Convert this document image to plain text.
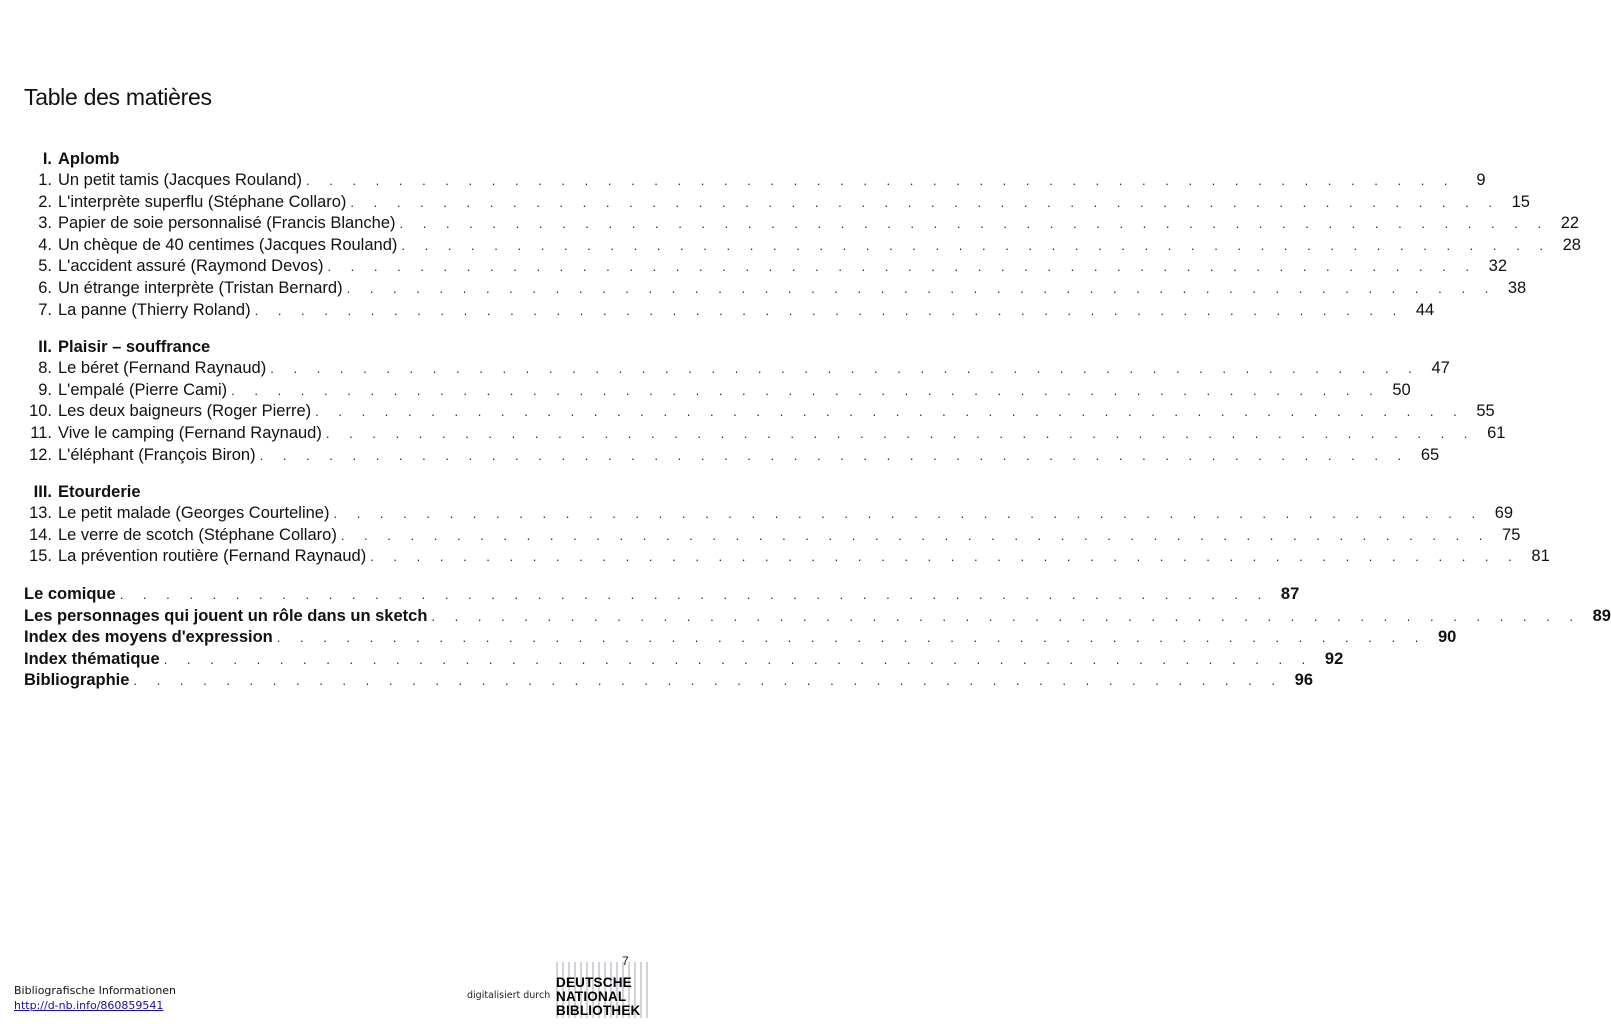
Table des matières
I. Aplomb
1. Un petit tamis (Jacques Rouland) . . . . . . . . . . . . . . . . . . . . . . . . . . . . . . . . . . . . . . . . . . . . . . . . . .	9
2. L'interprète superflu (Stéphane Collaro) . . . . . . . . . . . . . . . . . . . . . . . . . . . . . . . . . . . . . . . . . . . . . . . . . . 15
3. Papier de soie personnalisé (Francis Blanche) . . . . . . . . . . . . . . . . . . . . . . . . . . . . . . . . . . . . . . . . . . . . . . . . . . 22
4. Un chèque de 40 centimes (Jacques Rouland) . . . . . . . . . . . . . . . . . . . . . . . . . . . . . . . . . . . . . . . . . . . . . . . . . . 28
5. L'accident assuré (Raymond Devos) . . . . . . . . . . . . . . . . . . . . . . . . . . . . . . . . . . . . . . . . . . . . . . . . . . 32
6. Un étrange interprète (Tristan Bernard) . . . . . . . . . . . . . . . . . . . . . . . . . . . . . . . . . . . . . . . . . . . . . . . . . . 38
7. La panne (Thierry Roland) . . . . . . . . . . . . . . . . . . . . . . . . . . . . . . . . . . . . . . . . . . . . . . . . . . 44
II. Plaisir – souffrance
8. Le béret (Fernand Raynaud) . . . . . . . . . . . . . . . . . . . . . . . . . . . . . . . . . . . . . . . . . . . . . . . . . . 47
9. L'empalé (Pierre Cami) . . . . . . . . . . . . . . . . . . . . . . . . . . . . . . . . . . . . . . . . . . . . . . . . . . 50
10. Les deux baigneurs (Roger Pierre) . . . . . . . . . . . . . . . . . . . . . . . . . . . . . . . . . . . . . . . . . . . . . . . . . . 55
11. Vive le camping (Fernand Raynaud) . . . . . . . . . . . . . . . . . . . . . . . . . . . . . . . . . . . . . . . . . . . . . . . . . . 61
12. L'éléphant (François Biron) . . . . . . . . . . . . . . . . . . . . . . . . . . . . . . . . . . . . . . . . . . . . . . . . . . 65
III. Etourderie
13. Le petit malade (Georges Courteline) . . . . . . . . . . . . . . . . . . . . . . . . . . . . . . . . . . . . . . . . . . . . . . . . . . 69
14. Le verre de scotch (Stéphane Collaro) . . . . . . . . . . . . . . . . . . . . . . . . . . . . . . . . . . . . . . . . . . . . . . . . . . 75
15. La prévention routière (Fernand Raynaud) . . . . . . . . . . . . . . . . . . . . . . . . . . . . . . . . . . . . . . . . . . . . . . . . . . 81
Le comique . . . . . . . . . . . . . . . . . . . . . . . . . . . . . . . . . . . . . . . . . . . . . . . . . . 87
Les personnages qui jouent un rôle dans un sketch . . . . . . . . . . . . . . . . . . . . . . . . . . . . . . . . . . . . . . . . . . . . . . . . . . 89
Index des moyens d'expression . . . . . . . . . . . . . . . . . . . . . . . . . . . . . . . . . . . . . . . . . . . . . . . . . . 90
Index thématique . . . . . . . . . . . . . . . . . . . . . . . . . . . . . . . . . . . . . . . . . . . . . . . . . . 92
Bibliographie . . . . . . . . . . . . . . . . . . . . . . . . . . . . . . . . . . . . . . . . . . . . . . . . . . 96
7
Bibliografische Informationen
http://d-nb.info/860859541
digitalisiert durch
DEUTSCHE
NATIONAL
BIBLIOTHEK
